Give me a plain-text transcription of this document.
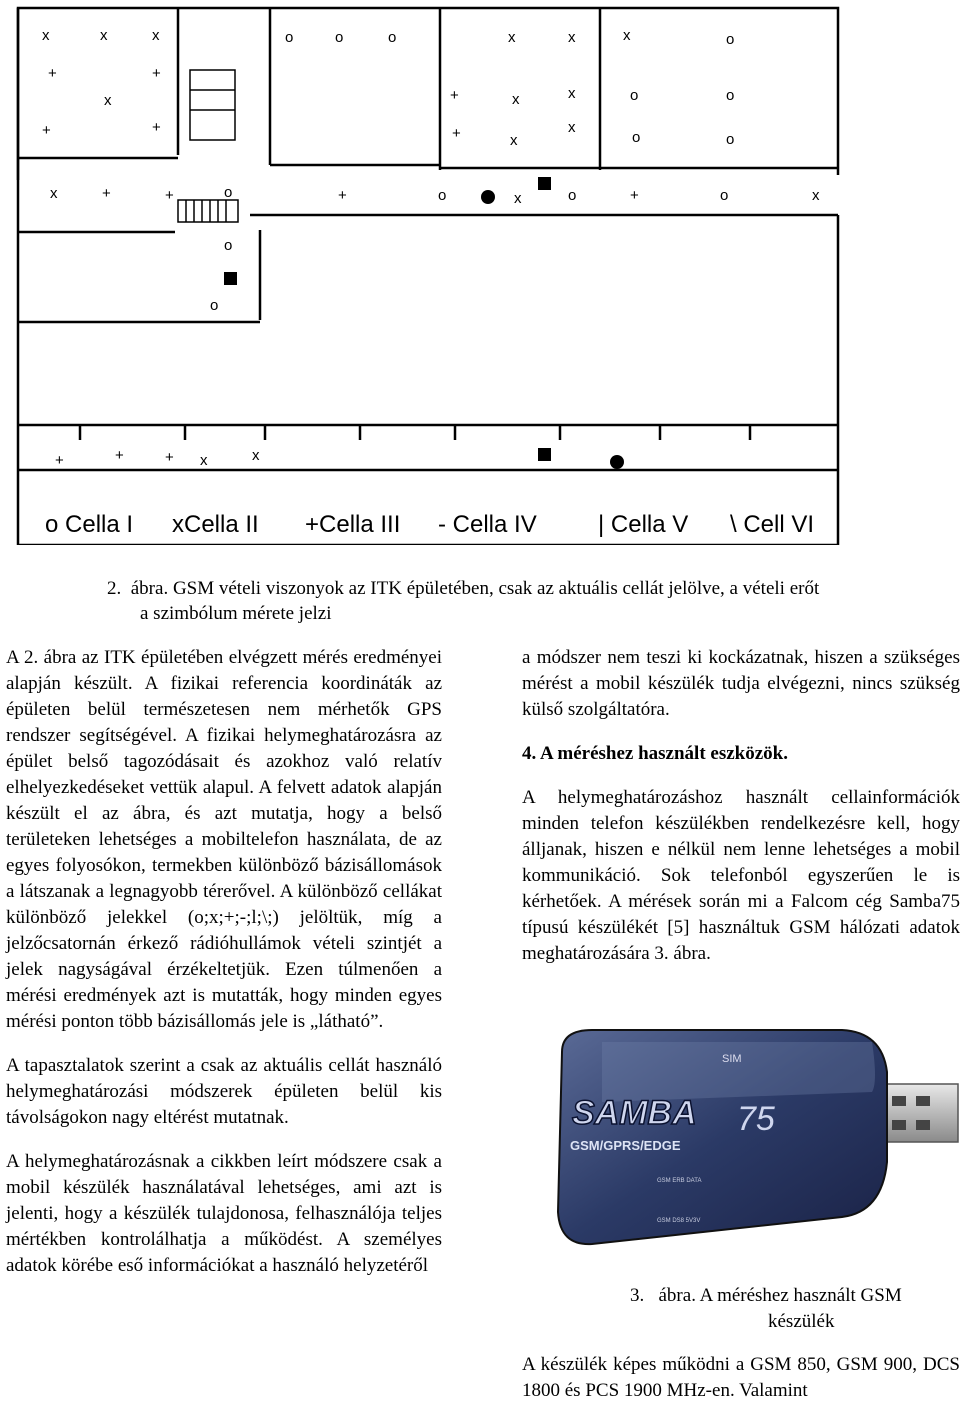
x	x	x
+	+
x
+	+
o	o	o	x	x
+	x	x
+	x
x
x	o
o	o
o	o
x	+	+	o	+	o	x	o	+	o	x
o
o
+	+	+ x	x
o Cella I xCella II +Cella III - Cella IV	| Cella V \ Cell VI
2. ábra. GSM vételi viszonyok az ITK épületében, csak az aktuális cellát jelölve, a vételi erőt
a szimbólum mérete jelzi

A 2. ábra az ITK épületében elvégzett mérés eredményei alapján készült. A fizikai referencia koordináták az épületen belül természetesen nem mérhetők GPS rendszer segítségével. A fizikai helymeghatározásra az épület belső tagozódásait és azokhoz való relatív elhelyezkedéseket vettük alapul. A felvett adatok alapján készült el az ábra, és azt mutatja, hogy a belső területeken lehetséges a mobiltelefon használata, de az egyes folyosókon, termekben különböző bázisállomások a látszanak a legnagyobb térerővel. A különböző cellákat különböző jelekkel (o;x;+;-;l;\;) jelöltük, míg a jelzőcsatornán érkező rádióhullámok vételi szintjét a jelek nagyságával érzékeltetjük. Ezen túlmenően a mérési eredmények azt is mutatták, hogy minden egyes mérési ponton több bázisállomás jele is „látható”.

A tapasztalatok szerint a csak az aktuális cellát használó helymeghatározási módszerek épületen belül kis távolságokon nagy eltérést mutatnak.

A helymeghatározásnak a cikkben leírt módszere csak a mobil készülék használatával lehetséges, ami azt is jelenti, hogy a készülék tulajdonosa, felhasználója teljes mértékben kontrolálhatja a működést. A személyes adatok körébe eső információkat a használó helyzetéről

a módszer nem teszi ki kockázatnak, hiszen a szükséges mérést a mobil készülék tudja elvégezni, nincs szükség külső szolgáltatóra.

4. A méréshez használt eszközök.

A helymeghatározáshoz használt cellainformációk minden telefon készülékben rendelkezésre kell, hogy álljanak, hiszen e nélkül nem lenne lehetséges a mobil kommunikáció. Sok telefonból egyszerűen le is kérhetőek. A mérések során mi a Falcom cég Samba75 típusú készülékét [5] használtuk GSM hálózati adatok meghatározására 3. ábra.

SIM
SAMBA 75
GSM/GPRS/EDGE
GSM ERB DATA
GSM DS8 5V3V
3. ábra. A méréshez használt GSM
készülék

A készülék képes működni a GSM 850, GSM 900, DCS 1800 és PCS 1900 MHz-en. Valamint
